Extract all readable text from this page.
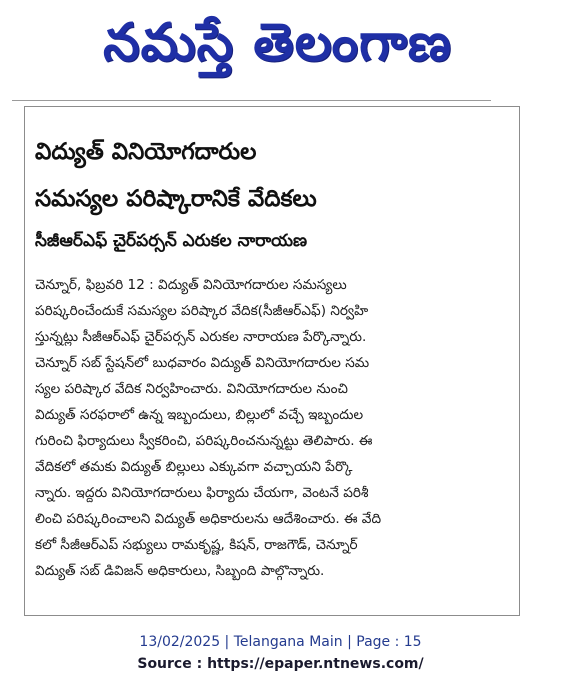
నమస్తే తెలంగాణ
విద్యుత్ వినియోగదారుల
సమస్యల పరిష్కారానికే వేదికలు
సీజీఆర్ఎఫ్ చైర్‌పర్సన్ ఎరుకల నారాయణ
చెన్నూర్, ఫిబ్రవరి 12 : విద్యుత్ వినియోగదారుల సమస్యలు
పరిష్కరించేందుకే సమస్యల పరిష్కార వేదిక(సీజీఆర్ఎఫ్) నిర్వహి
స్తున్నట్లు సీజీఆర్ఎఫ్ చైర్‌పర్సన్ ఎరుకల నారాయణ పేర్కొన్నారు.
చెన్నూర్ సబ్ స్టేషన్‌లో బుధవారం విద్యుత్ వినియోగదారుల సమ
స్యల పరిష్కార వేదిక నిర్వహించారు. వినియోగదారుల నుంచి
విద్యుత్ సరఫరాలో ఉన్న ఇబ్బందులు, బిల్లులో వచ్చే ఇబ్బందుల
గురించి ఫిర్యాదులు స్వీకరించి, పరిష్కరించనున్నట్టు తెలిపారు. ఈ
వేదికలో తమకు విద్యుత్ బిల్లులు ఎక్కువగా వచ్చాయని పేర్కొ
న్నారు. ఇద్దరు వినియోగదారులు ఫిర్యాదు చేయగా, వెంటనే పరిశీ
లించి పరిష్కరించాలని విద్యుత్ అధికారులను ఆదేశించారు. ఈ వేది
కలో సీజీఆర్ఎప్ సభ్యులు రామకృష్ణ, కిషన్, రాజగౌడ్, చెన్నూర్
విద్యుత్ సబ్ డివిజన్ అధికారులు, సిబ్బంది పాల్గొన్నారు.
13/02/2025 | Telangana Main | Page : 15
Source : https://epaper.ntnews.com/
